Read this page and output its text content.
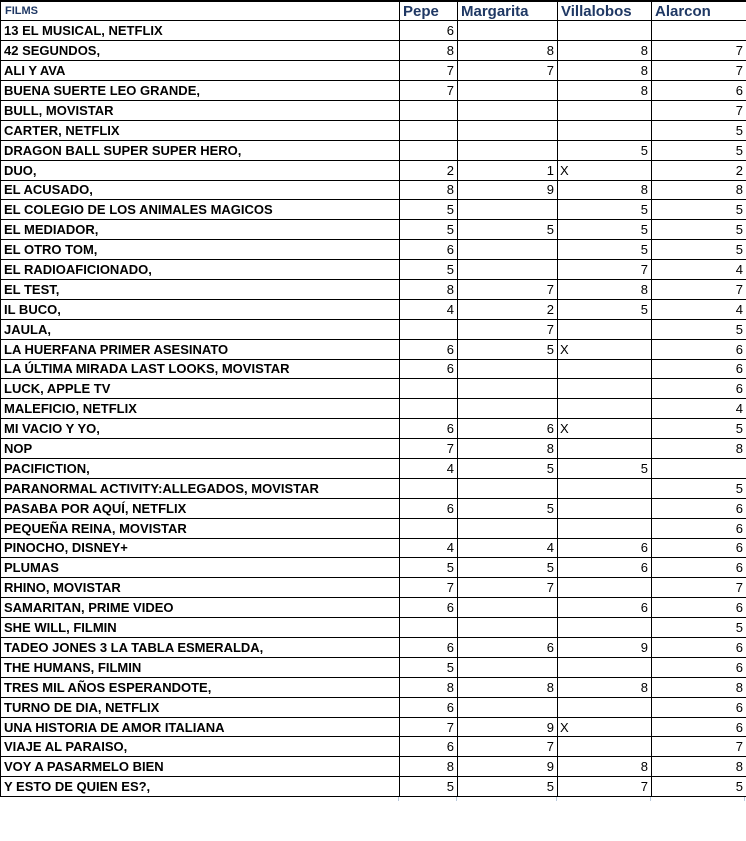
FILMS	Pepe	Margarita	Villalobos	Alarcon
13 EL MUSICAL, NETFLIX	6			
42 SEGUNDOS,	8	8	8	7
ALI Y AVA	7	7	8	7
BUENA SUERTE LEO GRANDE,	7		8	6
BULL, MOVISTAR				7
CARTER, NETFLIX				5
DRAGON BALL SUPER SUPER HERO,			5	5
DUO,	2	1	X	2
EL ACUSADO,	8	9	8	8
EL COLEGIO DE LOS ANIMALES MAGICOS	5		5	5
EL MEDIADOR,	5	5	5	5
EL OTRO TOM,	6		5	5
EL RADIOAFICIONADO,	5		7	4
EL TEST,	8	7	8	7
IL BUCO,	4	2	5	4
JAULA,		7		5
LA HUERFANA PRIMER ASESINATO	6	5	X	6
LA ÚLTIMA MIRADA LAST LOOKS, MOVISTAR	6			6
LUCK, APPLE TV				6
MALEFICIO, NETFLIX				4
MI VACIO Y YO,	6	6	X	5
NOP	7	8		8
PACIFICTION,	4	5	5	
PARANORMAL ACTIVITY:ALLEGADOS, MOVISTAR				5
PASABA POR AQUÍ, NETFLIX	6	5		6
PEQUEÑA REINA, MOVISTAR				6
PINOCHO, DISNEY+	4	4	6	6
PLUMAS	5	5	6	6
RHINO, MOVISTAR	7	7		7
SAMARITAN, PRIME VIDEO	6		6	6
SHE WILL, FILMIN				5
TADEO JONES 3 LA TABLA ESMERALDA,	6	6	9	6
THE HUMANS, FILMIN	5			6
TRES MIL AÑOS ESPERANDOTE,	8	8	8	8
TURNO DE DIA, NETFLIX	6			6
UNA HISTORIA DE AMOR ITALIANA	7	9	X	6
VIAJE AL PARAISO,	6	7		7
VOY A PASARMELO BIEN	8	9	8	8
Y ESTO DE QUIEN ES?,	5	5	7	5
